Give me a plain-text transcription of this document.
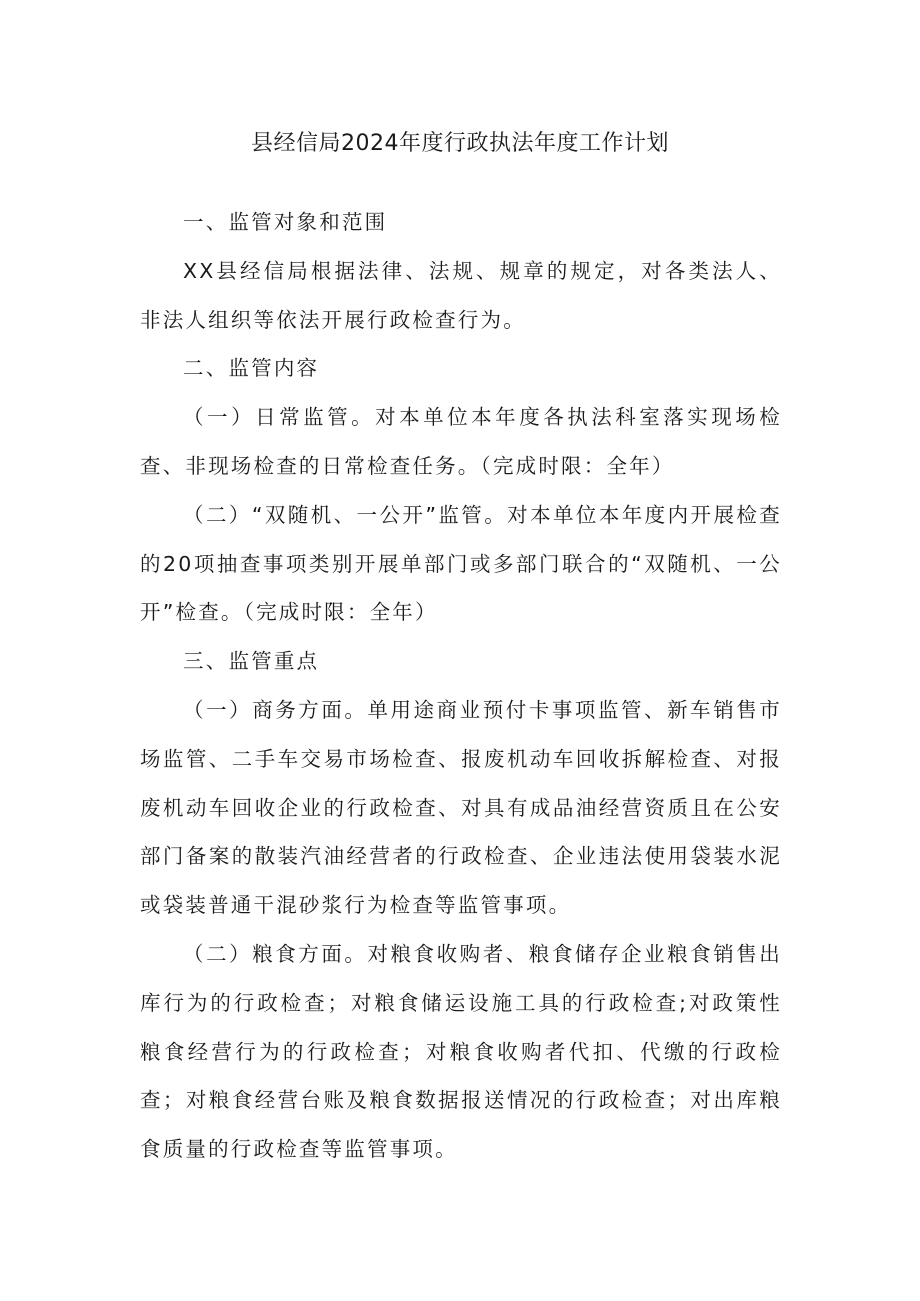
县经信局2024年度行政执法年度工作计划

一、监管对象和范围

XX县经信局根据法律、法规、规章的规定，对各类法人、非法人组织等依法开展行政检查行为。

二、监管内容

（一）日常监管。对本单位本年度各执法科室落实现场检查、非现场检查的日常检查任务。（完成时限：全年）

（二）“双随机、一公开”监管。对本单位本年度内开展检查的20项抽查事项类别开展单部门或多部门联合的“双随机、一公开”检查。（完成时限：全年）

三、监管重点

（一）商务方面。单用途商业预付卡事项监管、新车销售市场监管、二手车交易市场检查、报废机动车回收拆解检查、对报废机动车回收企业的行政检查、对具有成品油经营资质且在公安部门备案的散装汽油经营者的行政检查、企业违法使用袋装水泥或袋装普通干混砂浆行为检查等监管事项。

（二）粮食方面。对粮食收购者、粮食储存企业粮食销售出库行为的行政检查；对粮食储运设施工具的行政检查;对政策性粮食经营行为的行政检查；对粮食收购者代扣、代缴的行政检查；对粮食经营台账及粮食数据报送情况的行政检查；对出库粮食质量的行政检查等监管事项。
